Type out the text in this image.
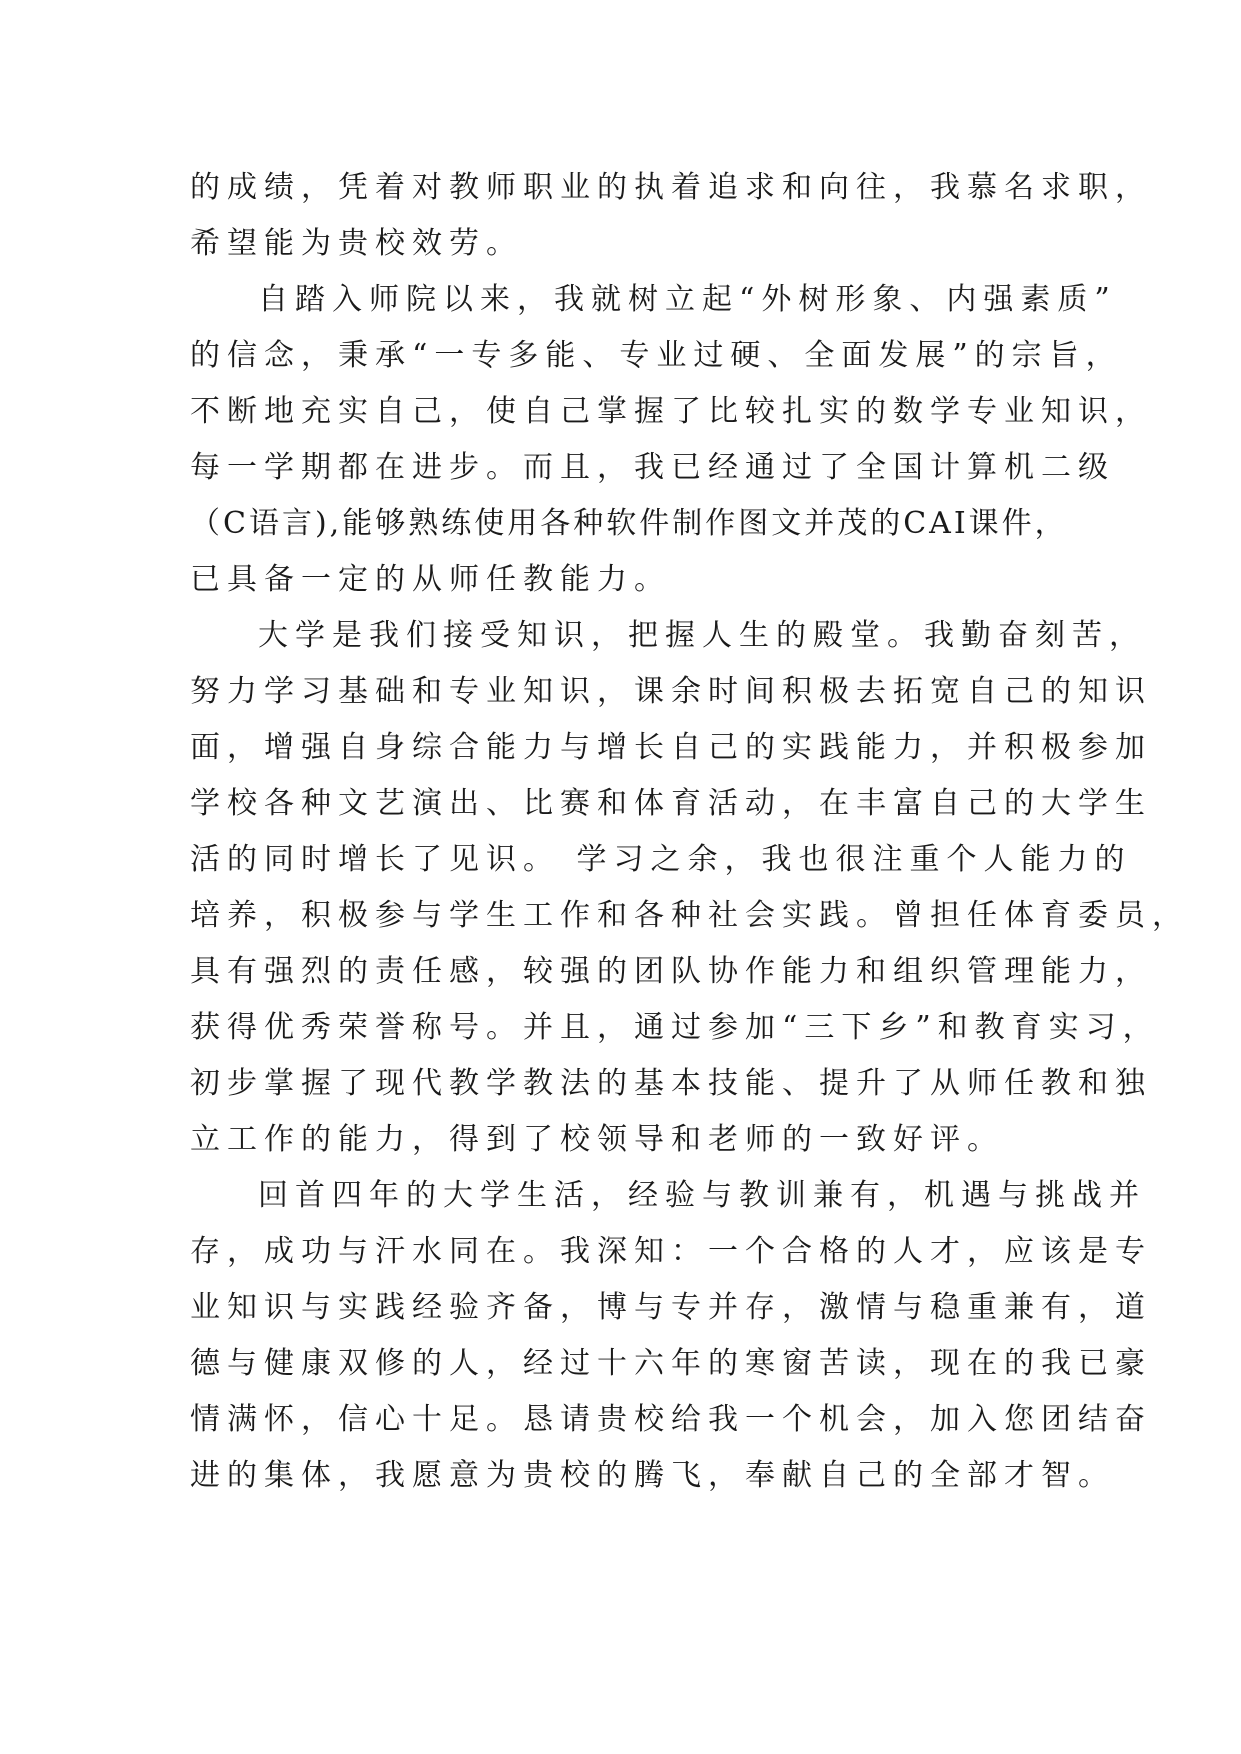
的成绩，凭着对教师职业的执着追求和向往，我慕名求职，
希望能为贵校效劳。
自踏入师院以来，我就树立起“外树形象、内强素质”
的信念，秉承“一专多能、专业过硬、全面发展”的宗旨，
不断地充实自己，使自己掌握了比较扎实的数学专业知识，
每一学期都在进步。而且，我已经通过了全国计算机二级
（C语言),能够熟练使用各种软件制作图文并茂的CAI课件，
已具备一定的从师任教能力。
大学是我们接受知识，把握人生的殿堂。我勤奋刻苦，
努力学习基础和专业知识，课余时间积极去拓宽自己的知识
面，增强自身综合能力与增长自己的实践能力，并积极参加
学校各种文艺演出、比赛和体育活动，在丰富自己的大学生
活的同时增长了见识。 学习之余，我也很注重个人能力的
培养，积极参与学生工作和各种社会实践。曾担任体育委员，
具有强烈的责任感，较强的团队协作能力和组织管理能力，
获得优秀荣誉称号。并且，通过参加“三下乡”和教育实习，
初步掌握了现代教学教法的基本技能、提升了从师任教和独
立工作的能力，得到了校领导和老师的一致好评。
回首四年的大学生活，经验与教训兼有，机遇与挑战并
存，成功与汗水同在。我深知：一个合格的人才，应该是专
业知识与实践经验齐备，博与专并存，激情与稳重兼有，道
德与健康双修的人，经过十六年的寒窗苦读，现在的我已豪
情满怀，信心十足。恳请贵校给我一个机会，加入您团结奋
进的集体，我愿意为贵校的腾飞，奉献自己的全部才智。
